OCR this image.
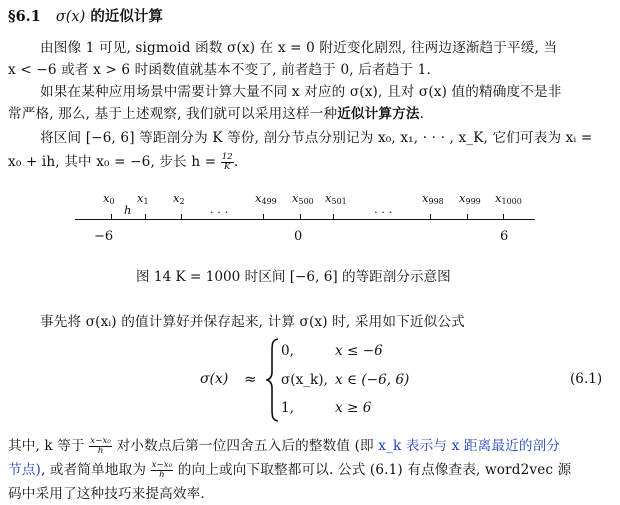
§6.1 σ(x) 的近似计算
由图像 1 可见, sigmoid 函数 σ(x) 在 x = 0 附近变化剧烈, 往两边逐渐趋于平缓, 当
x < −6 或者 x > 6 时函数值就基本不变了, 前者趋于 0, 后者趋于 1.
如果在某种应用场景中需要计算大量不同 x 对应的 σ(x), 且对 σ(x) 值的精确度不是非
常严格, 那么, 基于上述观察, 我们就可以采用这样一种近似计算方法.
将区间 [−6, 6] 等距剖分为 K 等份, 剖分节点分别记为 x₀, x₁, · · · , x_K, 它们可表为 xᵢ =
x₀ + ih, 其中 x₀ = −6, 步长 $h = \frac{12}{K}$ .
$x_0$ $x_1$ $x_2$	$x_{499}$ $x_{500}$ $x_{501}$	$x_{998}$ $x_{999}$ $x_{1000}$
h	· · ·	· · ·
−6	0	6
图 14 K = 1000 时区间 [−6, 6] 的等距剖分示意图
事先将 σ(xᵢ) 的值计算好并保存起来, 计算 σ(x) 时, 采用如下近似公式
σ(x) ≈
0,	x ≤ −6
σ(x_k), x ∈ (−6, 6)
1,	x ≥ 6
(6.1)
其中, k 等于 $\frac{\text{x−x₀}}{h}$ 对小数点后第一位四舍五入后的整数值 (即 x_k 表示与 x 距离最近的剖分
节点), 或者简单地取为 $\frac{\text{x−x₀}}{h}$ 的向上或向下取整都可以. 公式 (6.1) 有点像查表, word2vec 源
码中采用了这种技巧来提高效率.
